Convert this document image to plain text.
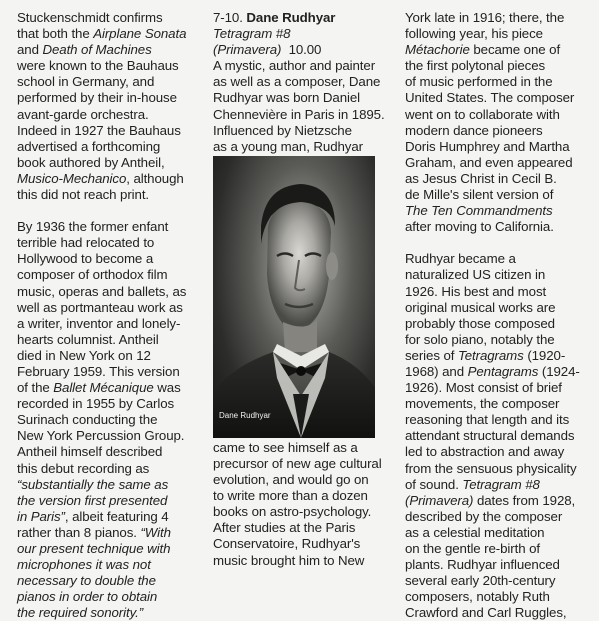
Stuckenschmidt confirms
that both the Airplane Sonata
and Death of Machines
were known to the Bauhaus
school in Germany, and
performed by their in-house
avant-garde orchestra.
Indeed in 1927 the Bauhaus
advertised a forthcoming
book authored by Antheil,
Musico-Mechanico, although
this did not reach print.

By 1936 the former enfant
terrible had relocated to
Hollywood to become a
composer of orthodox film
music, operas and ballets, as
well as portmanteau work as
a writer, inventor and lonely-
hearts columnist. Antheil
died in New York on 12
February 1959. This version
of the Ballet Mécanique was
recorded in 1955 by Carlos
Surinach conducting the
New York Percussion Group.
Antheil himself described
this debut recording as
“substantially the same as
the version first presented
in Paris”, albeit featuring 4
rather than 8 pianos. “With
our present technique with
microphones it was not
necessary to double the
pianos in order to obtain
the required sonority.”

7-10. Dane Rudhyar
Tetragram #8
(Primavera) 10.00

A mystic, author and painter
as well as a composer, Dane
Rudhyar was born Daniel
Chennevière in Paris in 1895.
Influenced by Nietzsche
as a young man, Rudhyar

Dane Rudhyar

came to see himself as a
precursor of new age cultural
evolution, and would go on
to write more than a dozen
books on astro-psychology.
After studies at the Paris
Conservatoire, Rudhyar's
music brought him to New

York late in 1916; there, the
following year, his piece
Métachorie became one of
the first polytonal pieces
of music performed in the
United States. The composer
went on to collaborate with
modern dance pioneers
Doris Humphrey and Martha
Graham, and even appeared
as Jesus Christ in Cecil B.
de Mille's silent version of
The Ten Commandments
after moving to California.

Rudhyar became a
naturalized US citizen in
1926. His best and most
original musical works are
probably those composed
for solo piano, notably the
series of Tetragrams (1920-
1968) and Pentagrams (1924-
1926). Most consist of brief
movements, the composer
reasoning that length and its
attendant structural demands
led to abstraction and away
from the sensuous physicality
of sound. Tetragram #8
(Primavera) dates from 1928,
described by the composer
as a celestial meditation
on the gentle re-birth of
plants. Rudhyar influenced
several early 20th-century
composers, notably Ruth
Crawford and Carl Ruggles,
